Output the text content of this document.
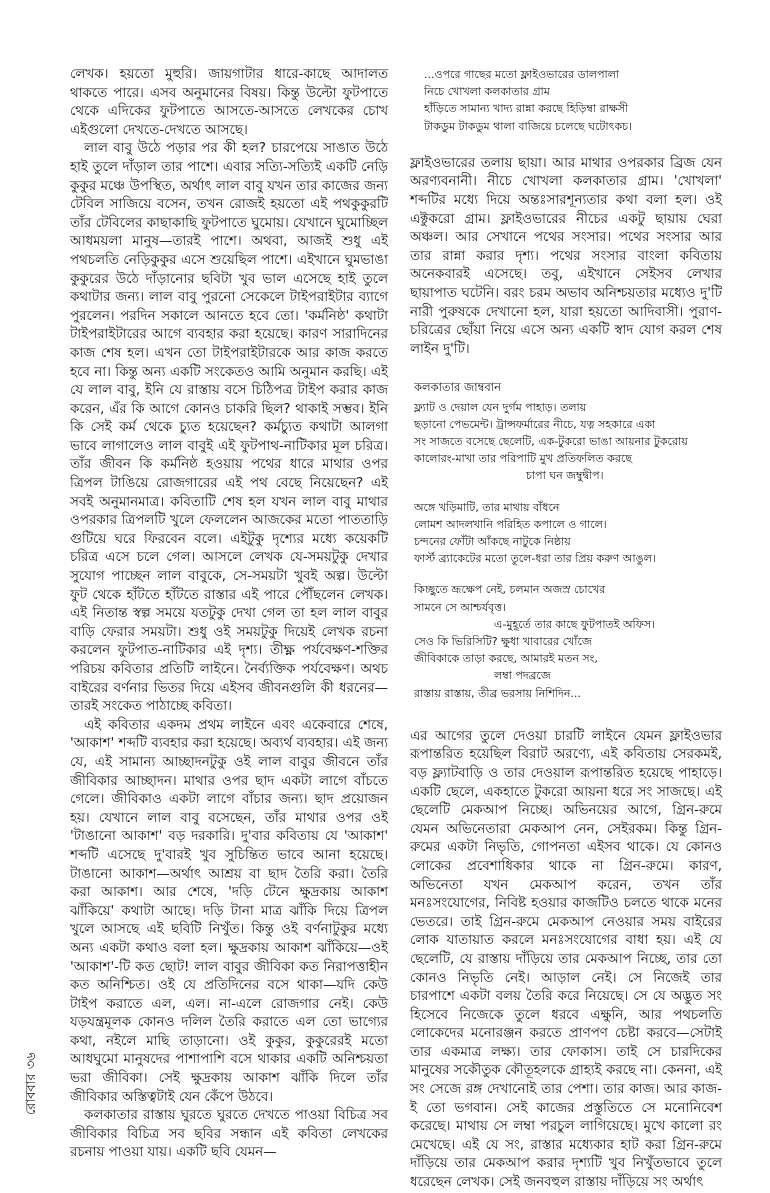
রোববার ৩৬

লেখক। হয়তো মুহুরি। জায়গাটার ধারে-কাছে আদালত থাকতে পারে। এসব অনুমানের বিষয়। কিন্তু উল্টো ফুটপাতে থেকে এদিকের ফুটপাতে আসতে-আসতে লেখকের চোখ এইগুলো দেখতে-দেখতে আসছে।

লাল বাবু উঠে পড়ার পর কী হল? চারপেয়ে সাঙাত উঠে হাই তুলে দাঁড়াল তার পাশে। এবার সত্যি-সত্যিই একটি নেড়ি কুকুর মঞ্চে উপস্থিত, অর্থাৎ লাল বাবু যখন তার কাজের জন্য টেবিল সাজিয়ে বসেন, তখন রোজই হয়তো এই পথকুকুরটি তাঁর টেবিলের কাছাকাছি ফুটপাতে ঘুমোয়। যেখানে ঘুমোচ্ছিল আধময়লা মানুষ—তারই পাশে। অথবা, আজই শুধু এই পথচলতি নেড়িকুকুর এসে শুয়েছিল পাশে। এইখানে ঘুমভাঙা কুকুরের উঠে দাঁড়ানোর ছবিটা খুব ভাল এসেছে হাই তুলে কথাটার জন্য। লাল বাবু পুরনো সেকেলে টাইপরাইটার ব্যাগে পুরলেন। পরদিন সকালে আনতে হবে তো। 'কর্মনিষ্ঠ' কথাটা টাইপরাইটারের আগে ব্যবহার করা হয়েছে। কারণ সারাদিনের কাজ শেষ হল। এখন তো টাইপরাইটারকে আর কাজ করতে হবে না। কিন্তু অন্য একটি সংকেতও আমি অনুমান করছি। এই যে লাল বাবু, ইনি যে রাস্তায় বসে চিঠিপত্র টাইপ করার কাজ করেন, এঁর কি আগে কোনও চাকরি ছিল? থাকাই সম্ভব। ইনি কি সেই কর্ম থেকে চ্যুত হয়েছেন? কর্মচ্যুত কথাটা আলগা ভাবে লাগালেও লাল বাবুই এই ফুটপাথ-নাটিকার মূল চরিত্র। তাঁর জীবন কি কর্মনিষ্ঠ হওয়ায় পথের ধারে মাথার ওপর ত্রিপল টাঙিয়ে রোজগারের এই পথ বেছে নিয়েছেন? এই সবই অনুমানমাত্র। কবিতাটি শেষ হল যখন লাল বাবু মাথার ওপরকার ত্রিপলটি খুলে ফেললেন আজকের মতো পাততাড়ি গুটিয়ে ঘরে ফিরবেন বলে। এইটুকু দৃশ্যের মধ্যে কয়েকটি চরিত্র এসে চলে গেল। আসলে লেখক যে-সময়টুকু দেখার সুযোগ পাচ্ছেন লাল বাবুকে, সে-সময়টা খুবই অল্প। উল্টো ফুট থেকে হাঁটতে হাঁটতে রাস্তার এই পারে পৌঁছলেন লেখক। এই নিতান্ত স্বল্প সময়ে যতটুকু দেখা গেল তা হল লাল বাবুর বাড়ি ফেরার সময়টা। শুধু ওই সময়টুকু দিয়েই লেখক রচনা করলেন ফুটপাত-নাটিকার এই দৃশ্য। তীক্ষ্ণ পর্যবেক্ষণ-শক্তির পরিচয় কবিতার প্রতিটি লাইনে। নৈর্ব্যক্তিক পর্যবেক্ষণ। অথচ বাইরের বর্ণনার ভিতর দিয়ে এইসব জীবনগুলি কী ধরনের—তারই সংকেত পাঠাচ্ছে কবিতা।

এই কবিতার একদম প্রথম লাইনে এবং একেবারে শেষে, 'আকাশ' শব্দটি ব্যবহার করা হয়েছে। অব্যর্থ ব্যবহার। এই জন্য যে, এই সামান্য আচ্ছাদনটুকু ওই লাল বাবুর জীবনে তাঁর জীবিকার আচ্ছাদন। মাথার ওপর ছাদ একটা লাগে বাঁচতে গেলে। জীবিকাও একটা লাগে বাঁচার জন্য। ছাদ প্রয়োজন হয়। যেখানে লাল বাবু বসেছেন, তাঁর মাথার ওপর ওই 'টাঙানো আকাশ' বড় দরকারি। দু'বার কবিতায় যে 'আকাশ' শব্দটি এসেছে দু'বারই খুব সুচিন্তিত ভাবে আনা হয়েছে। টাঙানো আকাশ—অর্থাৎ আশ্রয় বা ছাদ তৈরি করা। তৈরি করা আকাশ। আর শেষে, 'দড়ি টেনে ক্ষুদ্রকায় আকাশ ঝাঁকিয়ে' কথাটা আছে। দড়ি টানা মাত্র ঝাঁকি দিয়ে ত্রিপল খুলে আসছে এই ছবিটি নিখুঁত। কিন্তু ওই বর্ণনাটুকুর মধ্যে অন্য একটা কথাও বলা হল। ক্ষুদ্রকায় আকাশ ঝাঁকিয়ে—ওই 'আকাশ'-টি কত ছোট! লাল বাবুর জীবিকা কত নিরাপত্তাহীন কত অনিশ্চিত। ওই যে প্রতিদিনের বসে থাকা—যদি কেউ টাইপ করাতে এল, এল। না-এলে রোজগার নেই। কেউ যড়যন্ত্রমূলক কোনও দলিল তৈরি করাতে এল তো ভাগ্যের কথা, নইলে মাছি তাড়ানো। ওই কুকুর, কুকুরেরই মতো আধঘুমো মানুষদের পাশাপাশি বসে থাকার একটি অনিশ্চয়তা ভরা জীবিকা। সেই ক্ষুদ্রকায় আকাশ ঝাঁকি দিলে তাঁর জীবিকার অস্তিত্বটাই যেন কেঁপে উঠবে।

কলকাতার রাস্তায় ঘুরতে ঘুরতে দেখতে পাওয়া বিচিত্র সব জীবিকার বিচিত্র সব ছবির সন্ধান এই কবিতা লেখকের রচনায় পাওয়া যায়। একটি ছবি যেমন—

...ওপরে গাছের মতো ফ্লাইওভারের ডালপালা
নিচে খোখলা কলকাতার গ্রাম
হাঁড়িতে সামান্য খাদ্য রান্না করছে হিড়িম্বা রাক্ষসী
টাকডুম টাকডুম থালা বাজিয়ে চলেছে ঘটোৎকচ।

ফ্লাইওভারের তলায় ছায়া। আর মাথার ওপরকার ব্রিজ যেন অরণ্যবনানী। নীচে খোখলা কলকাতার গ্রাম। 'খোখলা' শব্দটির মধ্যে দিয়ে অন্তঃসারশূন্যতার কথা বলা হল। ওই এক্টুকরো গ্রাম। ফ্লাইওভারের নীচের একটু ছায়ায় ঘেরা অঞ্চল। আর সেখানে পথের সংসার। পথের সংসার আর তার রান্না করার দৃশ্য। পথের সংসার বাংলা কবিতায় অনেকবারই এসেছে। তবু, এইখানে সেইসব লেখার ছায়াপাত ঘটেনি। বরং চরম অভাব অনিশ্চয়তার মধ্যেও দু'টি নারী পুরুষকে দেখানো হল, যারা হয়তো আদিবাসী। পুরাণ-চরিত্রের ছোঁয়া নিয়ে এসে অন্য একটি স্বাদ যোগ করল শেষ লাইন দু'টি।

কলকাতার জাম্ববান
ফ্ল্যাট ও দেয়াল যেন দুর্গম পাহাড়। তলায়
ছড়ানো পেভমেন্ট। ট্রান্সফর্মারের নীচে, যত্ন সহকারে একা
সং সাজতে বসেছে ছেলেটি, এক-টুকরো ভাঙা আয়নার টুকরোয়
কালোরং-মাখা তার পরিপাটি মুখ প্রতিফলিত করছে
চাপা ঘন জম্বুদ্বীপ।
অঙ্গে খড়িমাটি, তার মাথায় বাঁধনে
লোমশ আদলখানি পরিহিত কপালে ও গালে।
চন্দনের ফোঁটা আঁকছে নাটুকে নিষ্ঠায়
ফার্স্ট ব্র্যাকেটের মতো তুলে-ধরা তার প্রিয় করুণ আঙুল।
কিচ্ছুতে ভ্রূক্ষেপ নেই, চলমান অজস্র চোখের
সামনে সে আশ্চর্যবৃত্ত।
এ-মুহূর্তে তার কাছে ফুটপাতই অফিস।
সেও কি ভিরিসিটি? ক্ষুধা খাবারের খোঁজে
জীবিকাকে তাড়া করছে, আমারই মতন সং,
লম্বা পদব্রজে
রাস্তায় রাস্তায়, তীব্র ভরসায় নিশিদিন...

এর আগের তুলে দেওয়া চারটি লাইনে যেমন ফ্লাইওভার রূপান্তরিত হয়েছিল বিরাট অরণ্যে, এই কবিতায় সেরকমই, বড় ফ্ল্যাটবাড়ি ও তার দেওয়াল রূপান্তরিত হয়েছে পাহাড়ে। একটি ছেলে, একহাতে টুকরো আয়না ধরে সং সাজছে। এই ছেলেটি মেকআপ নিচ্ছে। অভিনয়ের আগে, গ্রিন-রুমে যেমন অভিনেতারা মেকআপ নেন, সেইরকম। কিন্তু গ্রিন-রুমের একটা নিভৃতি, গোপনতা এইসব থাকে। যে কোনও লোকের প্রবেশাধিকার থাকে না গ্রিন-রুমে। কারণ, অভিনেতা যখন মেকআপ করেন, তখন তাঁর মনঃসংযোগের, নিবিষ্ট হওয়ার কাজটিও চলতে থাকে মনের ভেতরে। তাই গ্রিন-রুমে মেকআপ নেওয়ার সময় বাইরের লোক যাতায়াত করলে মনঃসংযোগের বাধা হয়। এই যে ছেলেটি, যে রাস্তায় দাঁড়িয়ে তার মেকআপ নিচ্ছে, তার তো কোনও নিভৃতি নেই। আড়াল নেই। সে নিজেই তার চারপাশে একটা বলয় তৈরি করে নিয়েছে। সে যে অদ্ভুত সং হিসেবে নিজেকে তুলে ধরবে এক্ষুনি, আর পথচলতি লোকেদের মনোরঞ্জন করতে প্রাণপণ চেষ্টা করবে—সেটাই তার একমাত্র লক্ষ্য। তার ফোকাস। তাই সে চারদিকের মানুষের সকৌতুক কৌতূহলকে গ্রাহ্যই করছে না। কেননা, এই সং সেজে রঙ্গ দেখানোই তার পেশা। তার কাজ। আর কাজ-ই তো ভগবান। সেই কাজের প্রস্তুতিতে সে মনোনিবেশ করেছে। মাথায় সে লম্বা পরচুল লাগিয়েছে। মুখে কালো রং মেখেছে। এই যে সং, রাস্তার মধ্যেকার হাট করা গ্রিন-রুমে দাঁড়িয়ে তার মেকআপ করার দৃশ্যটি খুব নিখুঁতভাবে তুলে ধরেছেন লেখক। সেই জনবহুল রাস্তায় দাঁড়িয়ে সং অর্থাৎ
